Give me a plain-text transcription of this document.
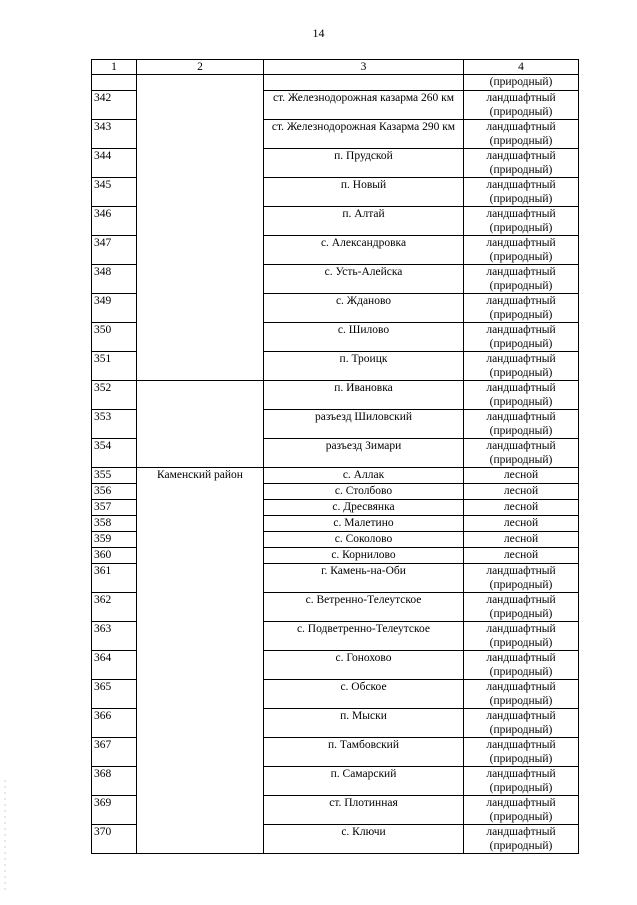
14
1	2	3	4
			(природный)
342		ст. Железнодорожная казарма 260 км	ландшафтный
(природный)
343		ст. Железнодорожная Казарма 290 км	ландшафтный
(природный)
344		п. Прудской	ландшафтный
(природный)
345		п. Новый	ландшафтный
(природный)
346		п. Алтай	ландшафтный
(природный)
347		с. Александровка	ландшафтный
(природный)
348		с. Усть-Алейска	ландшафтный
(природный)
349		с. Жданово	ландшафтный
(природный)
350		с. Шилово	ландшафтный
(природный)
351		п. Троицк	ландшафтный
(природный)
352		п. Ивановка	ландшафтный
(природный)
353		разъезд Шиловский	ландшафтный
(природный)
354		разъезд Зимари	ландшафтный
(природный)
355	Каменский район	с. Аллак	лесной
356		с. Столбово	лесной
357		с. Дресвянка	лесной
358		с. Малетино	лесной
359		с. Соколово	лесной
360		с. Корнилово	лесной
361		г. Камень-на-Оби	ландшафтный
(природный)
362		с. Ветренно-Телеутское	ландшафтный
(природный)
363		с. Подветренно-Телеутское	ландшафтный
(природный)
364		с. Гонохово	ландшафтный
(природный)
365		с. Обское	ландшафтный
(природный)
366		п. Мыски	ландшафтный
(природный)
367		п. Тамбовский	ландшафтный
(природный)
368		п. Самарский	ландшафтный
(природный)
369		ст. Плотинная	ландшафтный
(природный)
370		с. Ключи	ландшафтный
(природный)
